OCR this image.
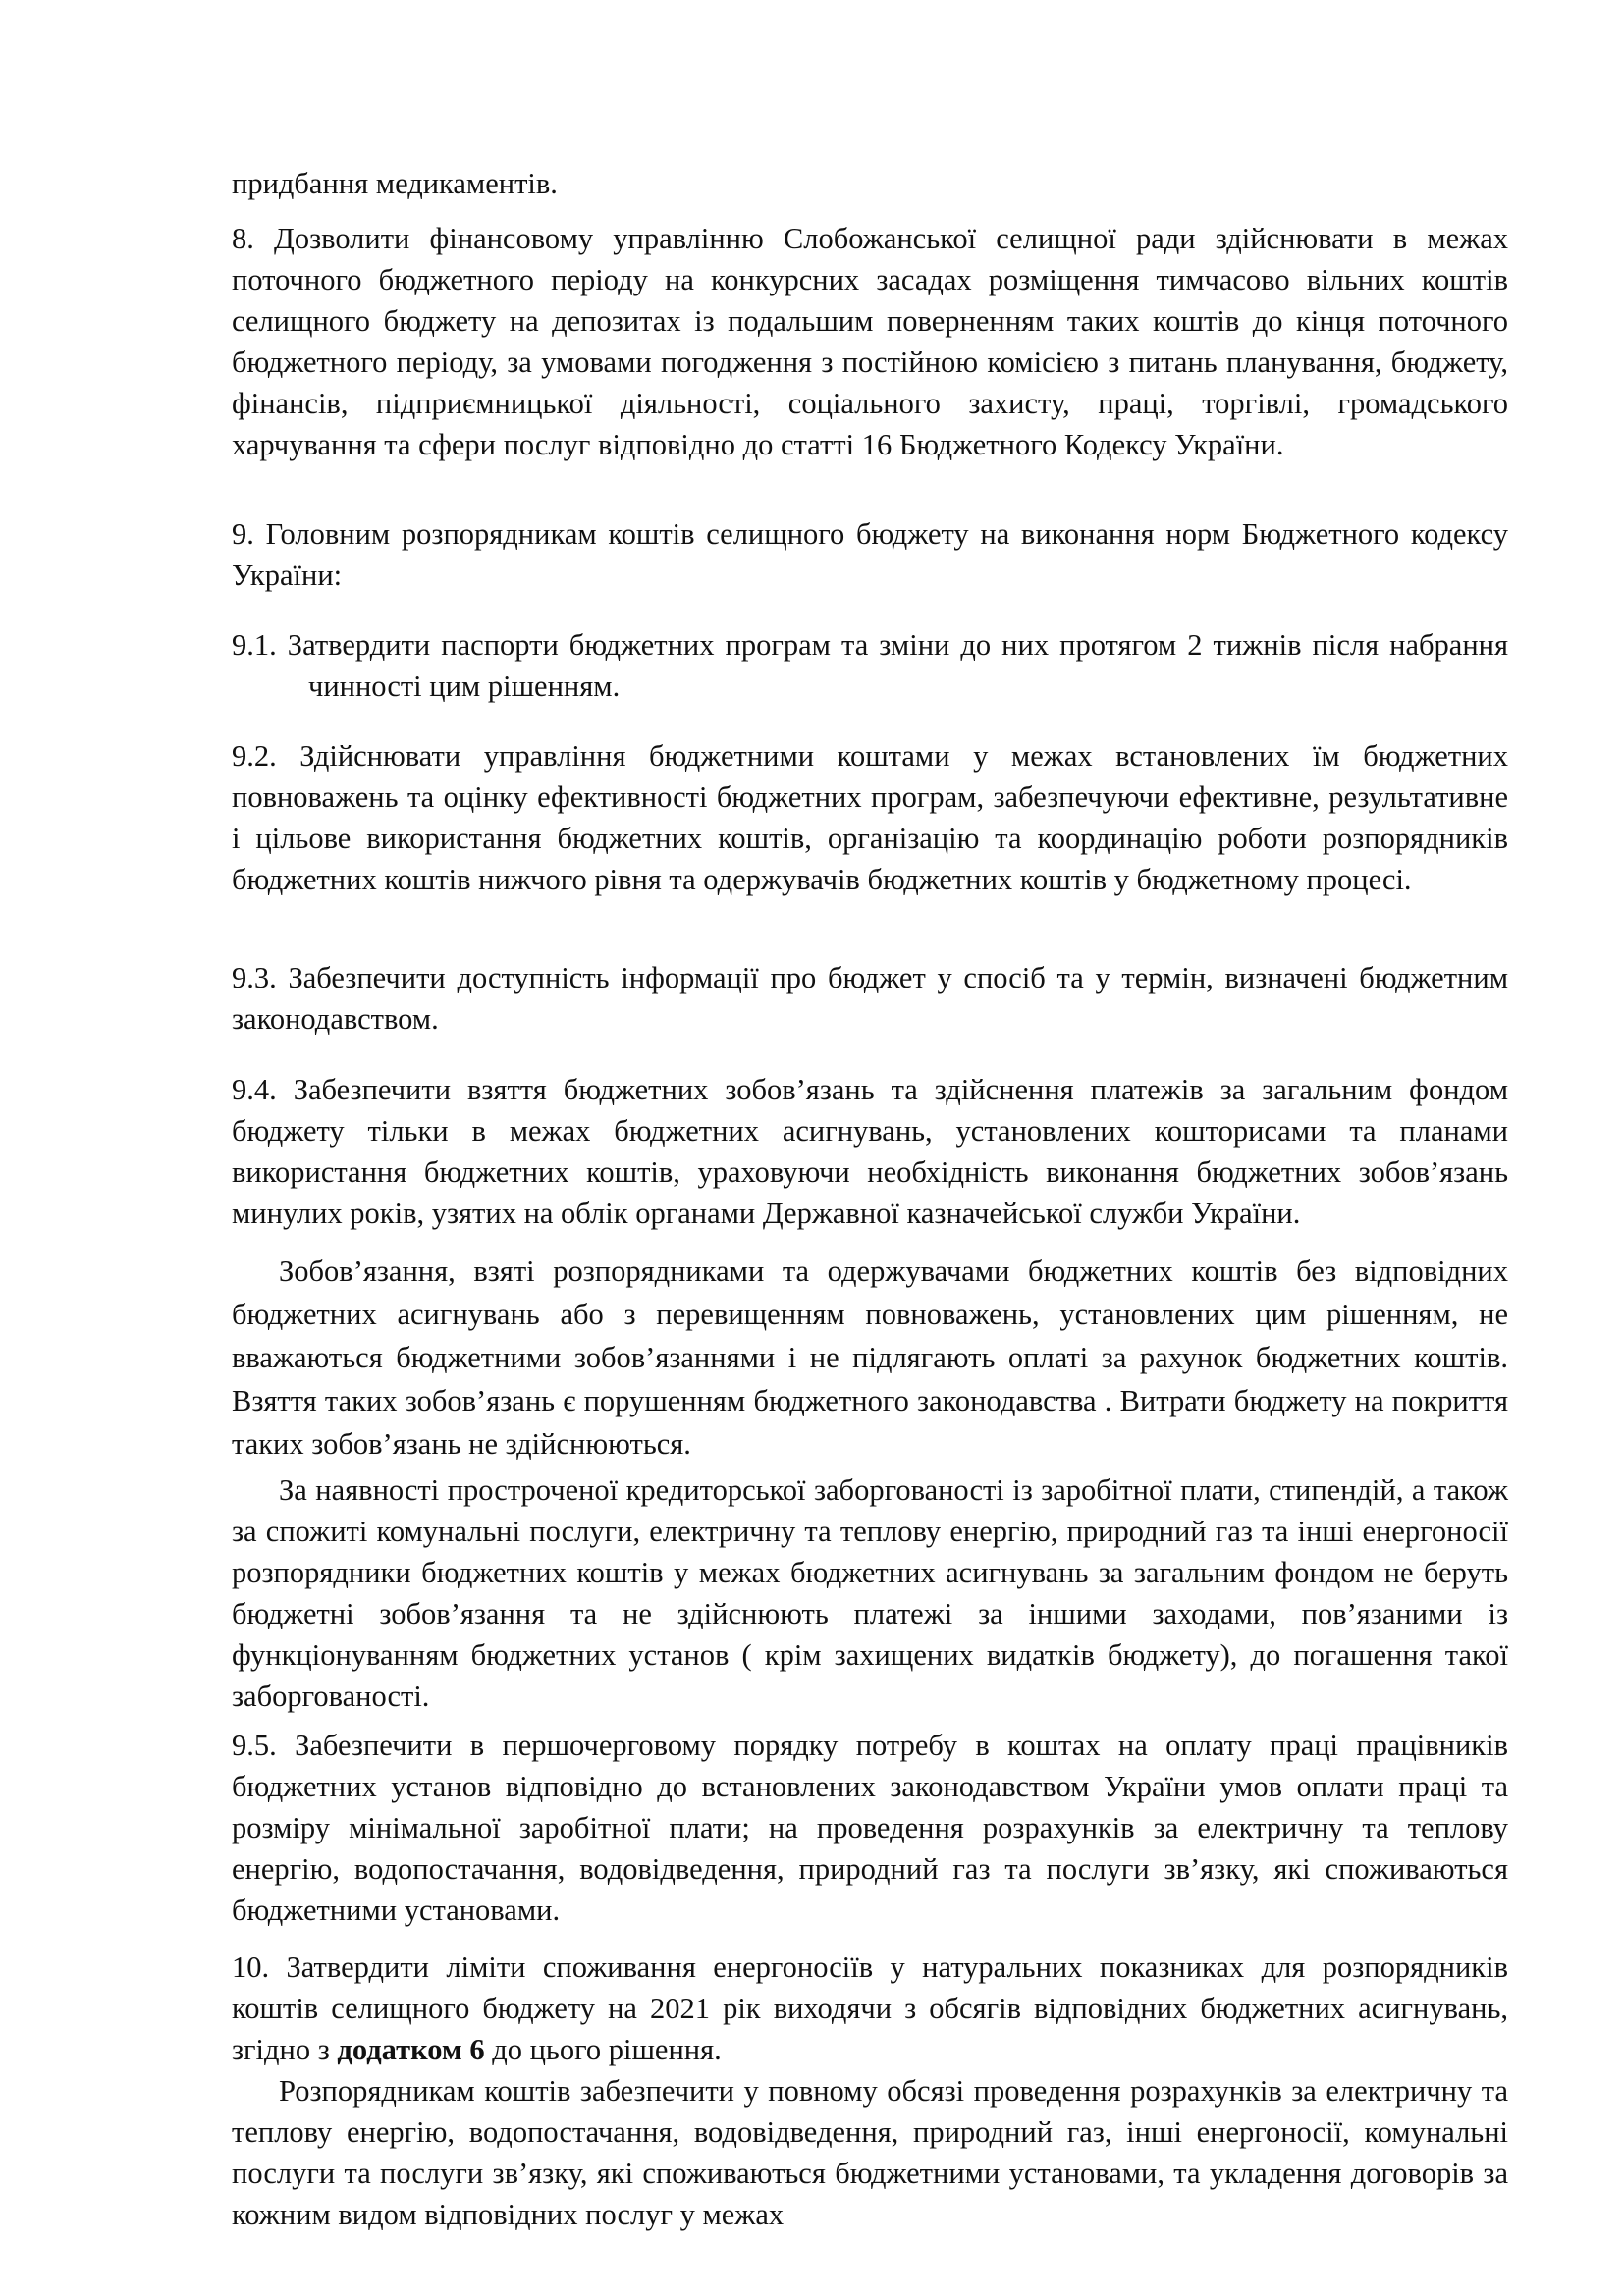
придбання медикаментів.

8. Дозволити фінансовому управлінню Слобожанської селищної ради здійснювати в межах поточного бюджетного періоду на конкурсних засадах розміщення тимчасово вільних коштів селищного бюджету на депозитах із подальшим поверненням таких коштів до кінця поточного бюджетного періоду, за умовами погодження з постійною комісією з питань планування, бюджету, фінансів, підприємницької діяльності, соціального захисту, праці, торгівлі, громадського харчування та сфери послуг відповідно до статті 16 Бюджетного Кодексу України.

9. Головним розпорядникам коштів селищного бюджету на виконання норм Бюджетного кодексу України:

9.1. Затвердити паспорти бюджетних програм та зміни до них протягом 2 тижнів після набрання чинності цим рішенням.

9.2. Здійснювати управління бюджетними коштами у межах встановлених їм бюджетних повноважень та оцінку ефективності бюджетних програм, забезпечуючи ефективне, результативне і цільове використання бюджетних коштів, організацію та координацію роботи розпорядників бюджетних коштів нижчого рівня та одержувачів бюджетних коштів у бюджетному процесі.

9.3. Забезпечити доступність інформації про бюджет у спосіб та у термін, визначені бюджетним законодавством.

9.4. Забезпечити взяття бюджетних зобов’язань та здійснення платежів за загальним фондом бюджету тільки в межах бюджетних асигнувань, установлених кошторисами та планами використання бюджетних коштів, ураховуючи необхідність виконання бюджетних зобов’язань минулих років, узятих на облік органами Державної казначейської служби України.

Зобов’язання, взяті розпорядниками та одержувачами бюджетних коштів без відповідних бюджетних асигнувань або з перевищенням повноважень, установлених цим рішенням, не вважаються бюджетними зобов’язаннями і не підлягають оплаті за рахунок бюджетних коштів. Взяття таких зобов’язань є порушенням бюджетного законодавства . Витрати бюджету на покриття таких зобов’язань не здійснюються.

За наявності простроченої кредиторської заборгованості із заробітної плати, стипендій, а також за спожиті комунальні послуги, електричну та теплову енергію, природний газ та інші енергоносії розпорядники бюджетних коштів у межах бюджетних асигнувань за загальним фондом не беруть бюджетні зобов’язання та не здійснюють платежі за іншими заходами, пов’язаними із функціонуванням бюджетних установ ( крім захищених видатків бюджету), до погашення такої заборгованості.

9.5. Забезпечити в першочерговому порядку потребу в коштах на оплату праці працівників бюджетних установ відповідно до встановлених законодавством України умов оплати праці та розміру мінімальної заробітної плати; на проведення розрахунків за електричну та теплову енергію, водопостачання, водовідведення, природний газ та послуги зв’язку, які споживаються бюджетними установами.

10. Затвердити ліміти споживання енергоносіїв у натуральних показниках для розпорядників коштів селищного бюджету на 2021 рік виходячи з обсягів відповідних бюджетних асигнувань, згідно з додатком 6 до цього рішення.

Розпорядникам коштів забезпечити у повному обсязі проведення розрахунків за електричну та теплову енергію, водопостачання, водовідведення, природний газ, інші енергоносії, комунальні послуги та послуги зв’язку, які споживаються бюджетними установами, та укладення договорів за кожним видом відповідних послуг у межах
